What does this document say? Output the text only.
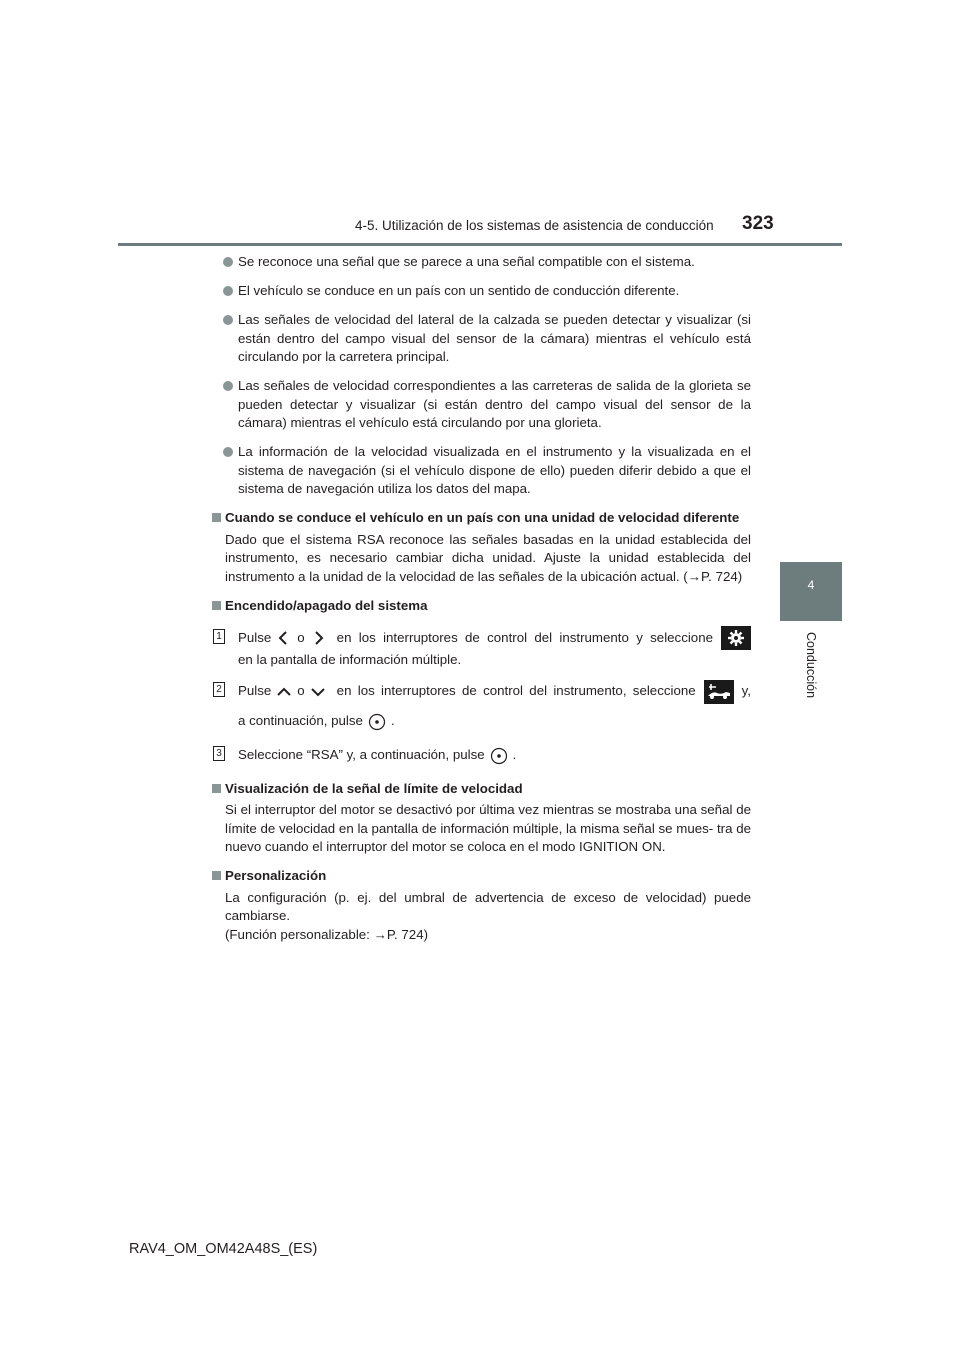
4-5. Utilización de los sistemas de asistencia de conducción 323
4
Conducción
Se reconoce una señal que se parece a una señal compatible con el sistema.
El vehículo se conduce en un país con un sentido de conducción diferente.
Las señales de velocidad del lateral de la calzada se pueden detectar y visualizar (si están dentro del campo visual del sensor de la cámara) mientras el vehículo está circulando por la carretera principal.
Las señales de velocidad correspondientes a las carreteras de salida de la glorieta se pueden detectar y visualizar (si están dentro del campo visual del sensor de la cámara) mientras el vehículo está circulando por una glorieta.
La información de la velocidad visualizada en el instrumento y la visualizada en el sistema de navegación (si el vehículo dispone de ello) pueden diferir debido a que el sistema de navegación utiliza los datos del mapa.
Cuando se conduce el vehículo en un país con una unidad de velocidad diferente
Dado que el sistema RSA reconoce las señales basadas en la unidad establecida del instrumento, es necesario cambiar dicha unidad. Ajuste la unidad establecida del instrumento a la unidad de la velocidad de las señales de la ubicación actual. (→P. 724)
Encendido/apagado del sistema
1 Pulse o en los interruptores de control del instrumento y seleccione
en la pantalla de información múltiple.
2 Pulse o en los interruptores de control del instrumento, seleccione	y,
a continuación, pulse .
3 Seleccione “RSA” y, a continuación, pulse .
Visualización de la señal de límite de velocidad
Si el interruptor del motor se desactivó por última vez mientras se mostraba una señal de límite de velocidad en la pantalla de información múltiple, la misma señal se mues- tra de nuevo cuando el interruptor del motor se coloca en el modo IGNITION ON.
Personalización
La configuración (p. ej. del umbral de advertencia de exceso de velocidad) puede cambiarse.
(Función personalizable: →P. 724)
RAV4_OM_OM42A48S_(ES)
